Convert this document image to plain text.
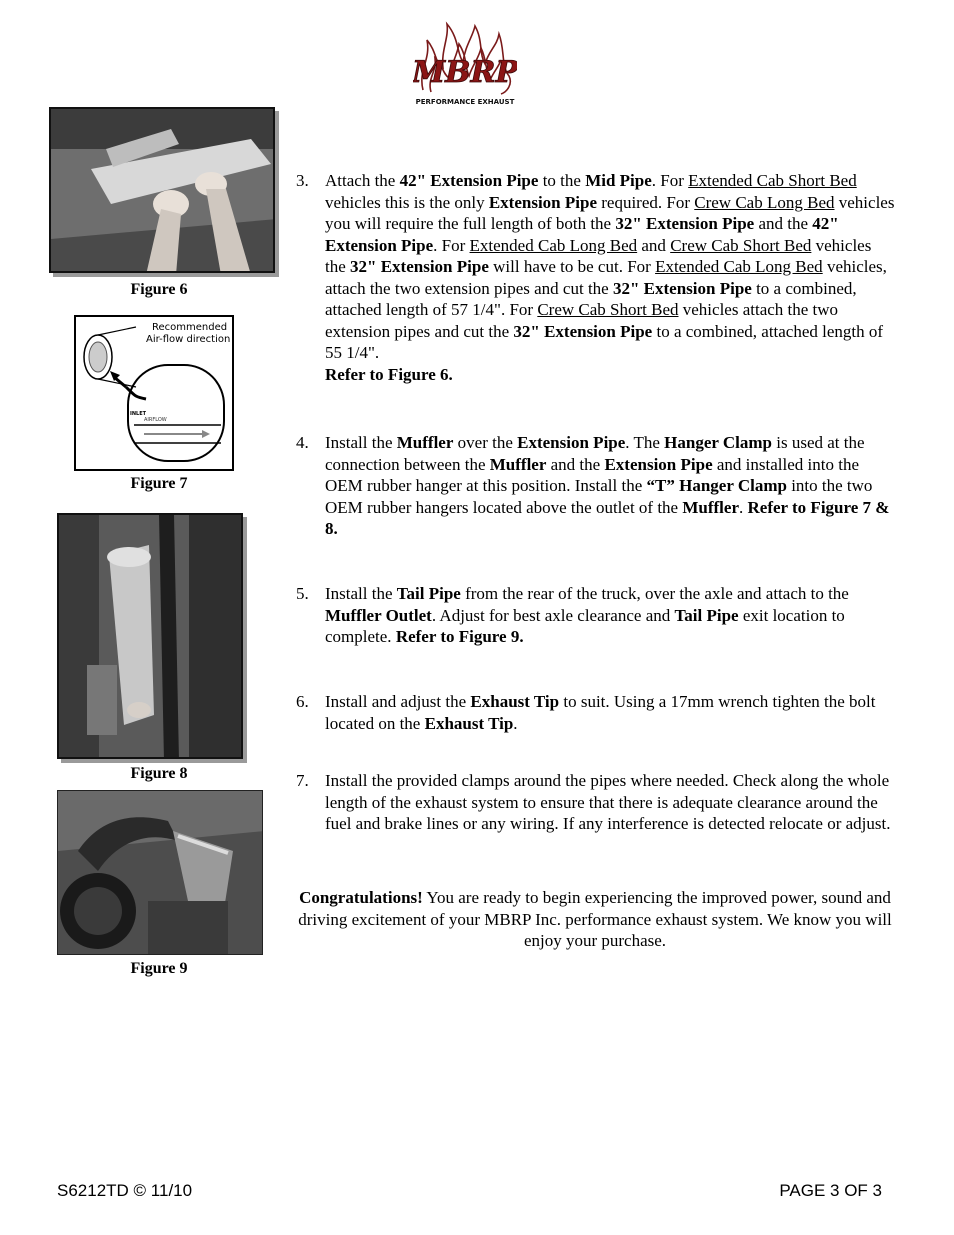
MBRP
PERFORMANCE EXHAUST
Figure 6
Recommended
Air-flow direction
INLET
AIRFLOW
Figure 7
Figure 8
Figure 9
3. Attach the 42" Extension Pipe to the Mid Pipe. For Extended Cab Short Bed vehicles this is the only Extension Pipe required. For Crew Cab Long Bed vehicles you will require the full length of both the 32" Extension Pipe and the 42" Extension Pipe. For Extended Cab Long Bed and Crew Cab Short Bed vehicles the 32" Extension Pipe will have to be cut. For Extended Cab Long Bed vehicles, attach the two extension pipes and cut the 32" Extension Pipe to a combined, attached length of 57 1/4". For Crew Cab Short Bed vehicles attach the two extension pipes and cut the 32" Extension Pipe to a combined, attached length of 55 1/4".
Refer to Figure 6.
4. Install the Muffler over the Extension Pipe. The Hanger Clamp is used at the connection between the Muffler and the Extension Pipe and installed into the OEM rubber hanger at this position. Install the “T” Hanger Clamp into the two OEM rubber hangers located above the outlet of the Muffler. Refer to Figure 7 & 8.
5. Install the Tail Pipe from the rear of the truck, over the axle and attach to the Muffler Outlet. Adjust for best axle clearance and Tail Pipe exit location to complete. Refer to Figure 9.
6. Install and adjust the Exhaust Tip to suit. Using a 17mm wrench tighten the bolt located on the Exhaust Tip.
7. Install the provided clamps around the pipes where needed. Check along the whole length of the exhaust system to ensure that there is adequate clearance around the fuel and brake lines or any wiring. If any interference is detected relocate or adjust.
Congratulations! You are ready to begin experiencing the improved power, sound and driving excitement of your MBRP Inc. performance exhaust system. We know you will enjoy your purchase.
S6212TD © 11/10	PAGE 3 OF 3
